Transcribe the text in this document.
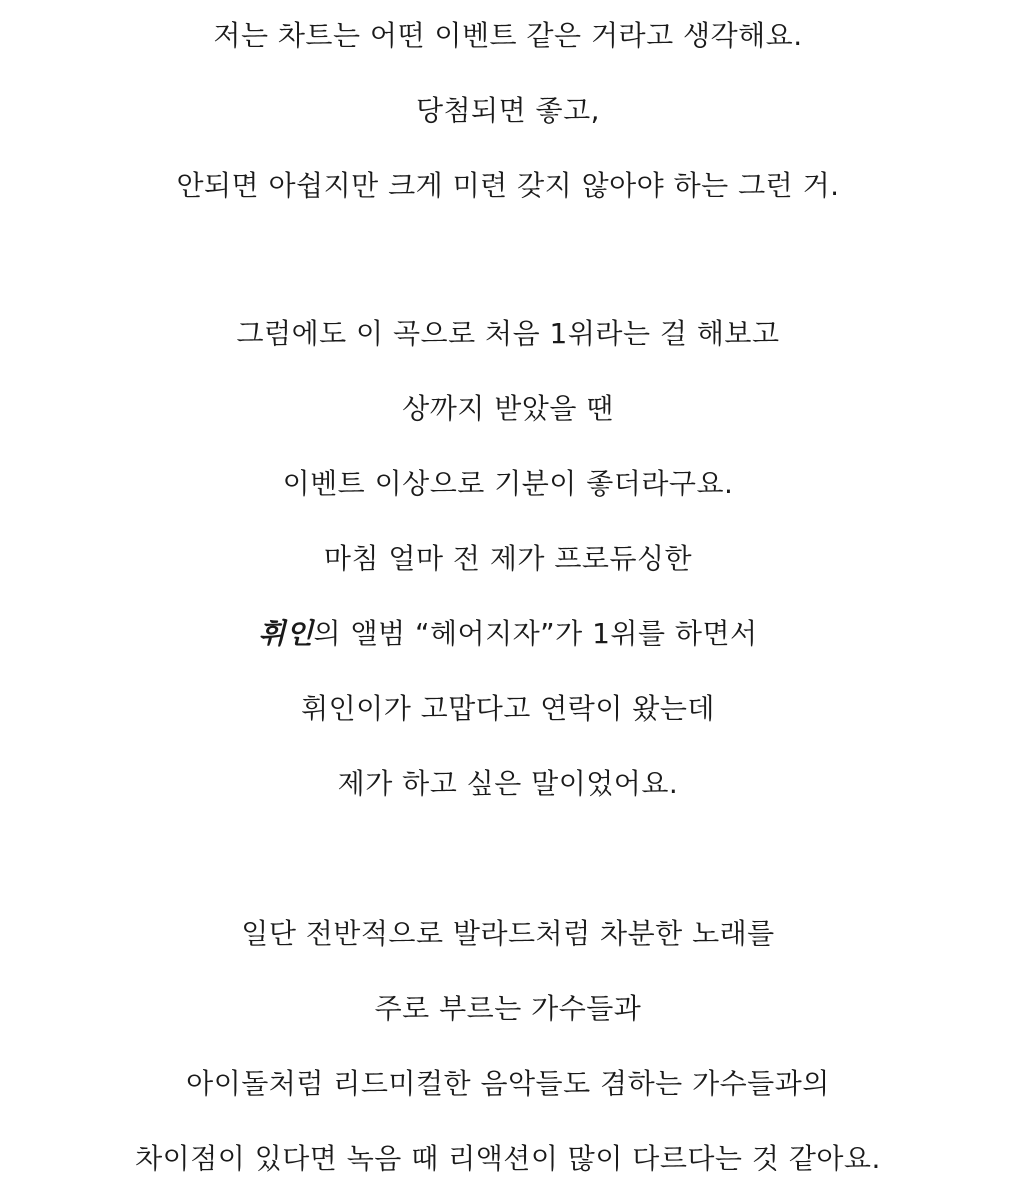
저는 차트는 어떤 이벤트 같은 거라고 생각해요.
당첨되면 좋고,
안되면 아쉽지만 크게 미련 갖지 않아야 하는 그런 거.
그럼에도 이 곡으로 처음 1위라는 걸 해보고
상까지 받았을 땐
이벤트 이상으로 기분이 좋더라구요.
마침 얼마 전 제가 프로듀싱한
휘인의 앨범 “헤어지자”가 1위를 하면서
휘인이가 고맙다고 연락이 왔는데
제가 하고 싶은 말이었어요.
일단 전반적으로 발라드처럼 차분한 노래를
주로 부르는 가수들과
아이돌처럼 리드미컬한 음악들도 겸하는 가수들과의
차이점이 있다면 녹음 때 리액션이 많이 다르다는 것 같아요.
